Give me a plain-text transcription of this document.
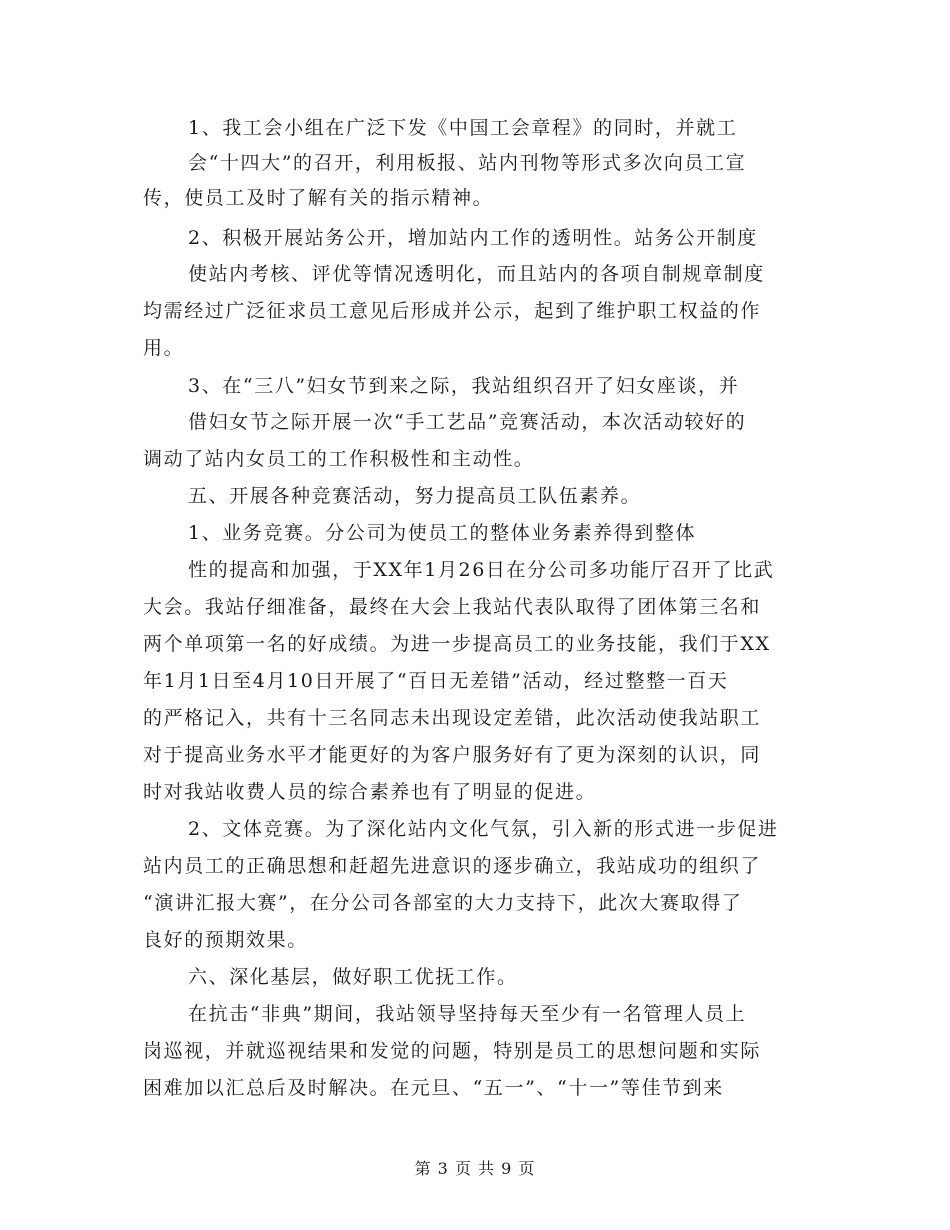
1、我工会小组在广泛下发《中国工会章程》的同时，并就工
会“十四大”的召开，利用板报、站内刊物等形式多次向员工宣
传，使员工及时了解有关的指示精神。
2、积极开展站务公开，增加站内工作的透明性。站务公开制度
使站内考核、评优等情况透明化，而且站内的各项自制规章制度
均需经过广泛征求员工意见后形成并公示，起到了维护职工权益的作
用。
3、在“三八”妇女节到来之际，我站组织召开了妇女座谈，并
借妇女节之际开展一次“手工艺品”竞赛活动，本次活动较好的
调动了站内女员工的工作积极性和主动性。
五、开展各种竞赛活动，努力提高员工队伍素养。
1、业务竞赛。分公司为使员工的整体业务素养得到整体
性的提高和加强，于XX年1月26日在分公司多功能厅召开了比武
大会。我站仔细准备，最终在大会上我站代表队取得了团体第三名和
两个单项第一名的好成绩。为进一步提高员工的业务技能，我们于XX
年1月1日至4月10日开展了“百日无差错”活动，经过整整一百天
的严格记入，共有十三名同志未出现设定差错，此次活动使我站职工
对于提高业务水平才能更好的为客户服务好有了更为深刻的认识，同
时对我站收费人员的综合素养也有了明显的促进。
2、文体竞赛。为了深化站内文化气氛，引入新的形式进一步促进
站内员工的正确思想和赶超先进意识的逐步确立，我站成功的组织了
“演讲汇报大赛”，在分公司各部室的大力支持下，此次大赛取得了
良好的预期效果。
六、深化基层，做好职工优抚工作。
在抗击“非典”期间，我站领导坚持每天至少有一名管理人员上
岗巡视，并就巡视结果和发觉的问题，特别是员工的思想问题和实际
困难加以汇总后及时解决。在元旦、“五一”、“十一”等佳节到来
第 3 页 共 9 页
